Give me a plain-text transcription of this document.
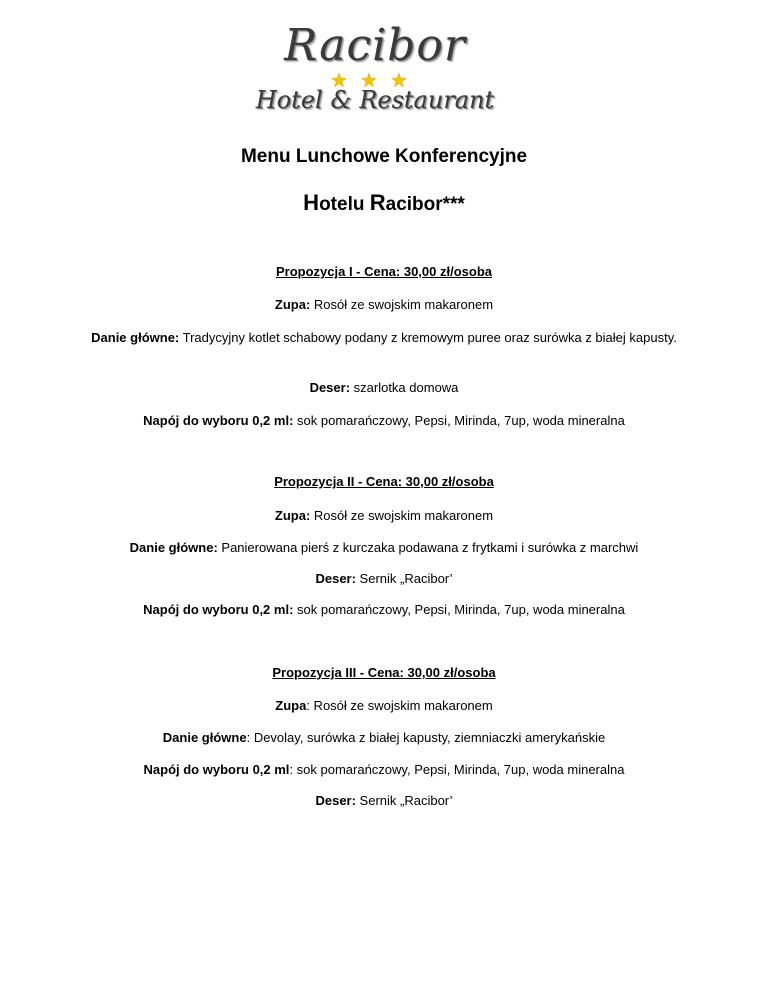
Racibor
★★★
Hotel & Restaurant
Menu Lunchowe Konferencyjne
Hotelu Racibor***
Propozycja I - Cena: 30,00 zł/osoba
Zupa: Rosół ze swojskim makaronem
Danie główne: Tradycyjny kotlet schabowy podany z kremowym puree oraz surówka z białej kapusty.
Deser: szarlotka domowa
Napój do wyboru 0,2 ml: sok pomarańczowy, Pepsi, Mirinda, 7up, woda mineralna
Propozycja II - Cena: 30,00 zł/osoba
Zupa: Rosół ze swojskim makaronem
Danie główne: Panierowana pierś z kurczaka podawana z frytkami i surówka z marchwi
Deser: Sernik „Racibor’
Napój do wyboru 0,2 ml: sok pomarańczowy, Pepsi, Mirinda, 7up, woda mineralna
Propozycja III - Cena: 30,00 zł/osoba
Zupa: Rosół ze swojskim makaronem
Danie główne: Devolay, surówka z białej kapusty, ziemniaczki amerykańskie
Napój do wyboru 0,2 ml: sok pomarańczowy, Pepsi, Mirinda, 7up, woda mineralna
Deser: Sernik „Racibor’
